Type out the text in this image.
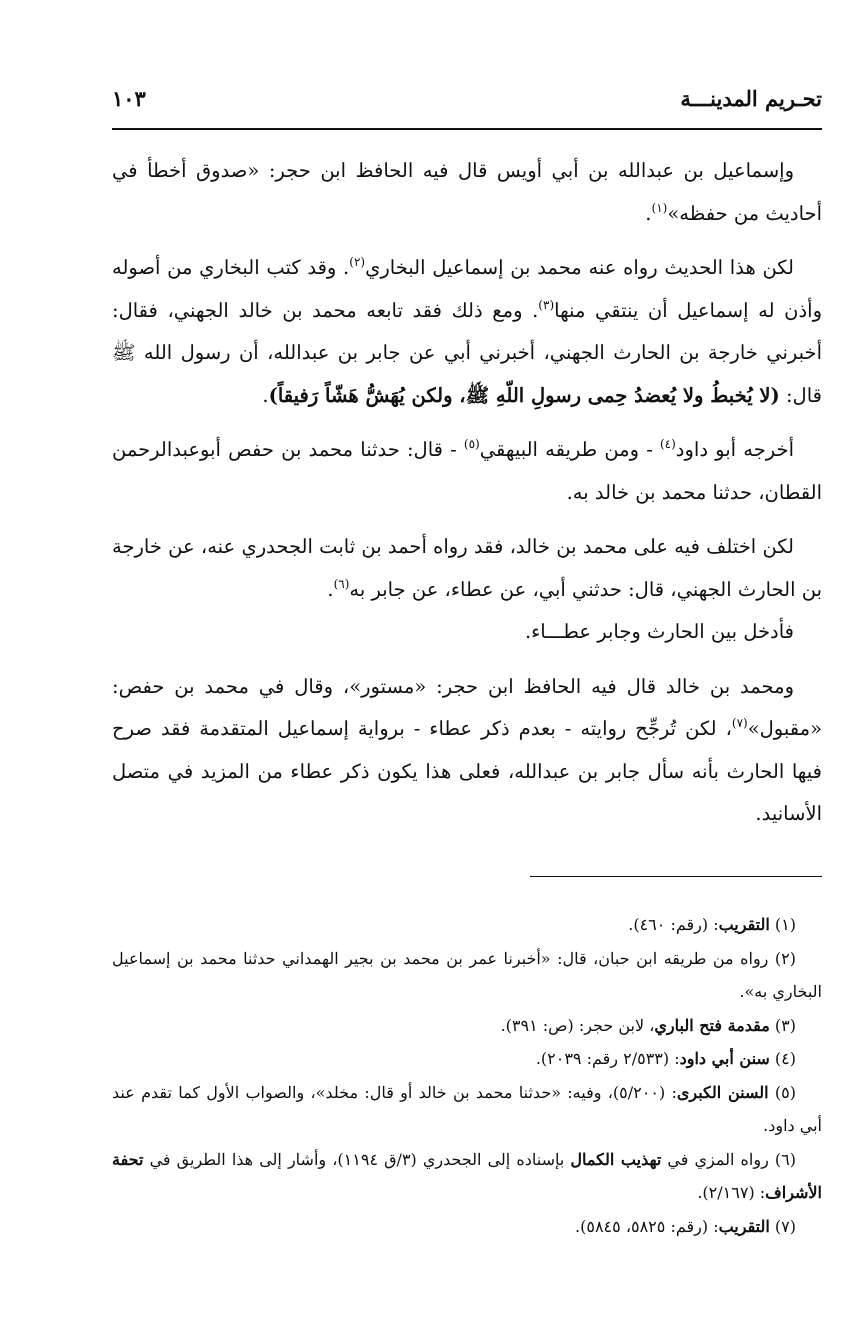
تحـريم المدينـــة
١٠٣

وإسماعيل بن عبدالله بن أبي أويس قال فيه الحافظ ابن حجر: «صدوق أخطأ في أحاديث من حفظه»$^{(١)}$.

لكن هذا الحديث رواه عنه محمد بن إسماعيل البخاري$^{(٢)}$. وقد كتب البخاري من أصوله وأذن له إسماعيل أن ينتقي منها$^{(٣)}$. ومع ذلك فقد تابعه محمد بن خالد الجهني، فقال: أخبرني خارجة بن الحارث الجهني، أخبرني أبي عن جابر بن عبدالله، أن رسول الله ﷺ قال: (لا يُخبطُ ولا يُعضدُ حِمى رسولِ اللّهِ ﷺ، ولكن يُهَشُّ هَشّاً رَفيقاً).

أخرجه أبو داود$^{(٤)}$ - ومن طريقه البيهقي$^{(٥)}$ - قال: حدثنا محمد بن حفص أبوعبدالرحمن القطان، حدثنا محمد بن خالد به.

لكن اختلف فيه على محمد بن خالد، فقد رواه أحمد بن ثابت الجحدري عنه، عن خارجة بن الحارث الجهني، قال: حدثني أبي، عن عطاء، عن جابر به$^{(٦)}$.

فأدخل بين الحارث وجابر عطـــاء.

ومحمد بن خالد قال فيه الحافظ ابن حجر: «مستور»، وقال في محمد بن حفص: «مقبول»$^{(٧)}$، لكن تُرجِّح روايته - بعدم ذكر عطاء - برواية إسماعيل المتقدمة فقد صرح فيها الحارث بأنه سأل جابر بن عبدالله، فعلى هذا يكون ذكر عطاء من المزيد في متصل الأسانيد.

(١) التقريب: (رقم: ٤٦٠).

(٢) رواه من طريقه ابن حبان، قال: «أخبرنا عمر بن محمد بن بجير الهمداني حدثنا محمد بن إسماعيل البخاري به».

(٣) مقدمة فتح الباري، لابن حجر: (ص: ٣٩١).

(٤) سنن أبي داود: (٢/٥٣٣ رقم: ٢٠٣٩).

(٥) السنن الكبرى: (٥/٢٠٠)، وفيه: «حدثنا محمد بن خالد أو قال: مخلد»، والصواب الأول كما تقدم عند أبي داود.

(٦) رواه المزي في تهذيب الكمال بإسناده إلى الجحدري (٣/ق ١١٩٤)، وأشار إلى هذا الطريق في تحفة الأشراف: (٢/١٦٧).

(٧) التقريب: (رقم: ٥٨٢٥، ٥٨٤٥).
